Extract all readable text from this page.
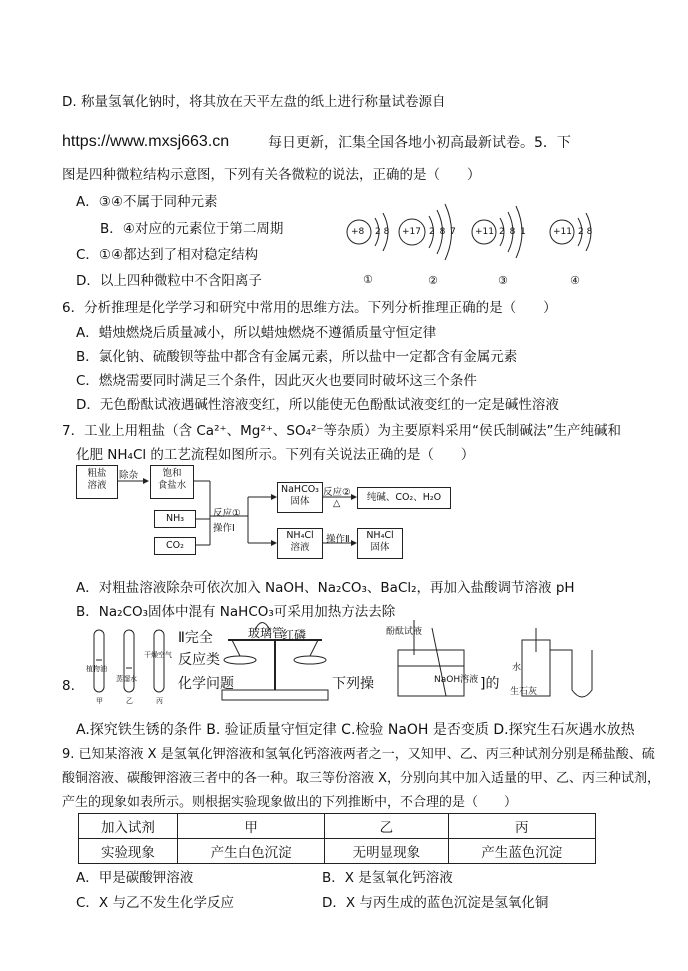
D. 称量氢氧化钠时，将其放在天平左盘的纸上进行称量试卷源自
https://www.mxsj663.cn	每日更新，汇集全国各地小初高最新试卷。5．下
图是四种微粒结构示意图，下列有关各微粒的说法，正确的是（　　）
A．③④不属于同种元素
B．④对应的元素位于第二周期
C．①④都达到了相对稳定结构
D．以上四种微粒中不含阳离子
+8 2 8
①
+17 2 8 7
②
+11 2 8 1
③
+11 2 8
④
6．分析推理是化学学习和研究中常用的思维方法。下列分析推理正确的是（　　）
A．蜡烛燃烧后质量减小，所以蜡烛燃烧不遵循质量守恒定律
B．氯化钠、硫酸钡等盐中都含有金属元素，所以盐中一定都含有金属元素
C．燃烧需要同时满足三个条件，因此灭火也要同时破坏这三个条件
D．无色酚酞试液遇碱性溶液变红，所以能使无色酚酞试液变红的一定是碱性溶液
7．工业上用粗盐（含 Ca²⁺、Mg²⁺、SO₄²⁻等杂质）为主要原料采用“侯氏制碱法”生产纯碱和
化肥 NH₄Cl 的工艺流程如图所示。下列有关说法正确的是（　　）
粗盐
溶液
除杂	饱和
食盐水
NH₃
CO₂
反应①
操作Ⅰ
NaHCO₃
固体
反应②
△
纯碱、CO₂、H₂O
NH₄Cl
溶液
操作Ⅱ	NH₄Cl
固体
A．对粗盐溶液除杂可依次加入 NaOH、Na₂CO₃、BaCl₂，再加入盐酸调节溶液 pH
B．Na₂CO₃固体中混有 NaHCO₃可采用加热方法去除
玻璃管
红磷	酚酞试液
NaOH溶液
水
生石灰
植物油
蒸馏水
干燥空气
甲	乙	丙
Ⅱ完全
反应类
8.	化学问题	下列操	]的
A.探究铁生锈的条件 B. 验证质量守恒定律 C.检验 NaOH 是否变质 D.探究生石灰遇水放热
9. 已知某溶液 X 是氢氧化钾溶液和氢氧化钙溶液两者之一，又知甲、乙、丙三种试剂分别是稀盐酸、硫
酸铜溶液、碳酸钾溶液三者中的各一种。取三等份溶液 X，分别向其中加入适量的甲、乙、丙三种试剂，
产生的现象如表所示。则根据实验现象做出的下列推断中，不合理的是（　　）
加入试剂	甲	乙	丙
实验现象	产生白色沉淀	无明显现象	产生蓝色沉淀
A．甲是碳酸钾溶液	B．X 是氢氧化钙溶液
C．X 与乙不发生化学反应	D．X 与丙生成的蓝色沉淀是氢氧化铜
